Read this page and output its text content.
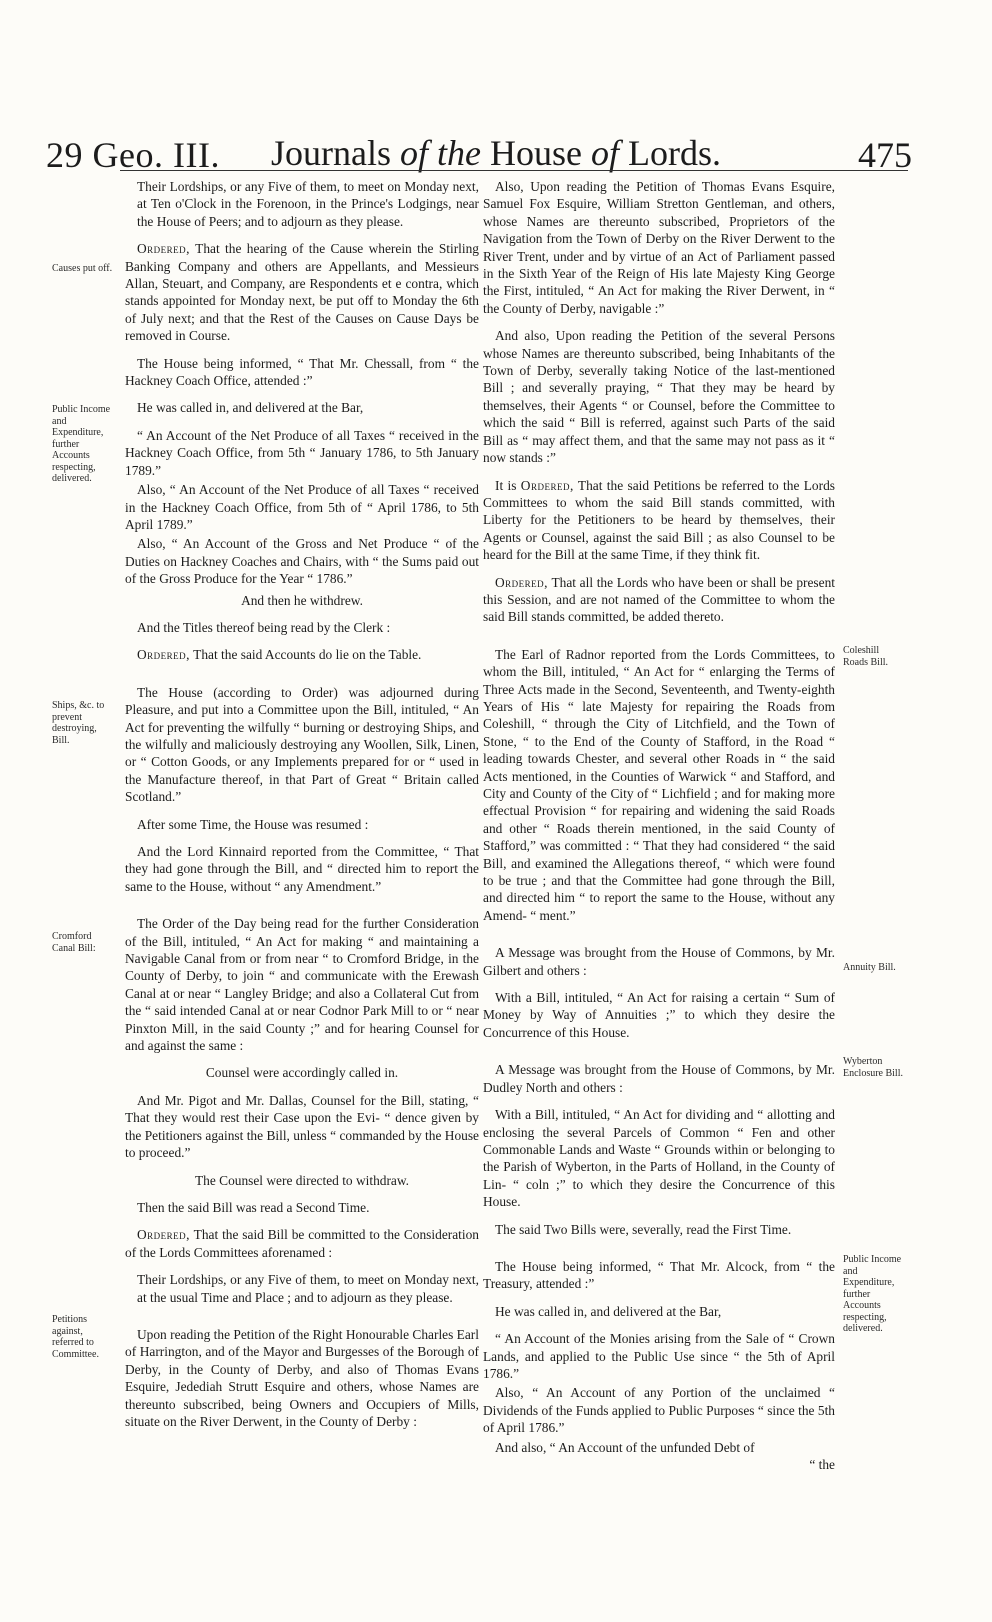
29 Geo. III.	Journals of the House of Lords.	475
Causes put off.
Public Income and Expenditure, further Accounts respecting, delivered.
Ships, &c. to prevent destroying, Bill.
Cromford Canal Bill:
Petitions against, referred to Committee.
Coleshill Roads Bill.
Annuity Bill.
Wyberton Enclosure Bill.
Public Income and Expenditure, further Accounts respecting, delivered.

Their Lordships, or any Five of them, to meet on Monday next, at Ten o'Clock in the Forenoon, in the Prince's Lodgings, near the House of Peers; and to adjourn as they please.

Ordered, That the hearing of the Cause wherein the Stirling Banking Company and others are Appellants, and Messieurs Allan, Steuart, and Company, are Respondents et e contra, which stands appointed for Monday next, be put off to Monday the 6th of July next; and that the Rest of the Causes on Cause Days be removed in Course.

The House being informed, “ That Mr. Chessall, from “ the Hackney Coach Office, attended :”

He was called in, and delivered at the Bar,

“ An Account of the Net Produce of all Taxes “ received in the Hackney Coach Office, from 5th “ January 1786, to 5th January 1789.”

Also, “ An Account of the Net Produce of all Taxes “ received in the Hackney Coach Office, from 5th of “ April 1786, to 5th April 1789.”

Also, “ An Account of the Gross and Net Produce “ of the Duties on Hackney Coaches and Chairs, with “ the Sums paid out of the Gross Produce for the Year “ 1786.”

And then he withdrew.

And the Titles thereof being read by the Clerk :

Ordered, That the said Accounts do lie on the Table.

The House (according to Order) was adjourned during Pleasure, and put into a Committee upon the Bill, intituled, “ An Act for preventing the wilfully “ burning or destroying Ships, and the wilfully and maliciously destroying any Woollen, Silk, Linen, or “ Cotton Goods, or any Implements prepared for or “ used in the Manufacture thereof, in that Part of Great “ Britain called Scotland.”

After some Time, the House was resumed :

And the Lord Kinnaird reported from the Committee, “ That they had gone through the Bill, and “ directed him to report the same to the House, without “ any Amendment.”

The Order of the Day being read for the further Consideration of the Bill, intituled, “ An Act for making “ and maintaining a Navigable Canal from or from near “ to Cromford Bridge, in the County of Derby, to join “ and communicate with the Erewash Canal at or near “ Langley Bridge; and also a Collateral Cut from the “ said intended Canal at or near Codnor Park Mill to or “ near Pinxton Mill, in the said County ;” and for hearing Counsel for and against the same :

Counsel were accordingly called in.

And Mr. Pigot and Mr. Dallas, Counsel for the Bill, stating, “ That they would rest their Case upon the Evi- “ dence given by the Petitioners against the Bill, unless “ commanded by the House to proceed.”

The Counsel were directed to withdraw.

Then the said Bill was read a Second Time.

Ordered, That the said Bill be committed to the Consideration of the Lords Committees aforenamed :

Their Lordships, or any Five of them, to meet on Monday next, at the usual Time and Place ; and to adjourn as they please.

Upon reading the Petition of the Right Honourable Charles Earl of Harrington, and of the Mayor and Burgesses of the Borough of Derby, in the County of Derby, and also of Thomas Evans Esquire, Jedediah Strutt Esquire and others, whose Names are thereunto subscribed, being Owners and Occupiers of Mills, situate on the River Derwent, in the County of Derby :

Also, Upon reading the Petition of Thomas Evans Esquire, Samuel Fox Esquire, William Stretton Gentleman, and others, whose Names are thereunto subscribed, Proprietors of the Navigation from the Town of Derby on the River Derwent to the River Trent, under and by virtue of an Act of Parliament passed in the Sixth Year of the Reign of His late Majesty King George the First, intituled, “ An Act for making the River Derwent, in “ the County of Derby, navigable :”

And also, Upon reading the Petition of the several Persons whose Names are thereunto subscribed, being Inhabitants of the Town of Derby, severally taking Notice of the last-mentioned Bill ; and severally praying, “ That they may be heard by themselves, their Agents “ or Counsel, before the Committee to which the said “ Bill is referred, against such Parts of the said Bill as “ may affect them, and that the same may not pass as it “ now stands :”

It is Ordered, That the said Petitions be referred to the Lords Committees to whom the said Bill stands committed, with Liberty for the Petitioners to be heard by themselves, their Agents or Counsel, against the said Bill ; as also Counsel to be heard for the Bill at the same Time, if they think fit.

Ordered, That all the Lords who have been or shall be present this Session, and are not named of the Committee to whom the said Bill stands committed, be added thereto.

The Earl of Radnor reported from the Lords Committees, to whom the Bill, intituled, “ An Act for “ enlarging the Terms of Three Acts made in the Second, Seventeenth, and Twenty-eighth Years of His “ late Majesty for repairing the Roads from Coleshill, “ through the City of Litchfield, and the Town of Stone, “ to the End of the County of Stafford, in the Road “ leading towards Chester, and several other Roads in “ the said Acts mentioned, in the Counties of Warwick “ and Stafford, and City and County of the City of “ Lichfield ; and for making more effectual Provision “ for repairing and widening the said Roads and other “ Roads therein mentioned, in the said County of Stafford,” was committed : “ That they had considered “ the said Bill, and examined the Allegations thereof, “ which were found to be true ; and that the Committee had gone through the Bill, and directed him “ to report the same to the House, without any Amend- “ ment.”

A Message was brought from the House of Commons, by Mr. Gilbert and others :

With a Bill, intituled, “ An Act for raising a certain “ Sum of Money by Way of Annuities ;” to which they desire the Concurrence of this House.

A Message was brought from the House of Commons, by Mr. Dudley North and others :

With a Bill, intituled, “ An Act for dividing and “ allotting and enclosing the several Parcels of Common “ Fen and other Commonable Lands and Waste “ Grounds within or belonging to the Parish of Wyberton, in the Parts of Holland, in the County of Lin- “ coln ;” to which they desire the Concurrence of this House.

The said Two Bills were, severally, read the First Time.

The House being informed, “ That Mr. Alcock, from “ the Treasury, attended :”

He was called in, and delivered at the Bar,

“ An Account of the Monies arising from the Sale of “ Crown Lands, and applied to the Public Use since “ the 5th of April 1786.”

Also, “ An Account of any Portion of the unclaimed “ Dividends of the Funds applied to Public Purposes “ since the 5th of April 1786.”

And also, “ An Account of the unfunded Debt of

“ the
